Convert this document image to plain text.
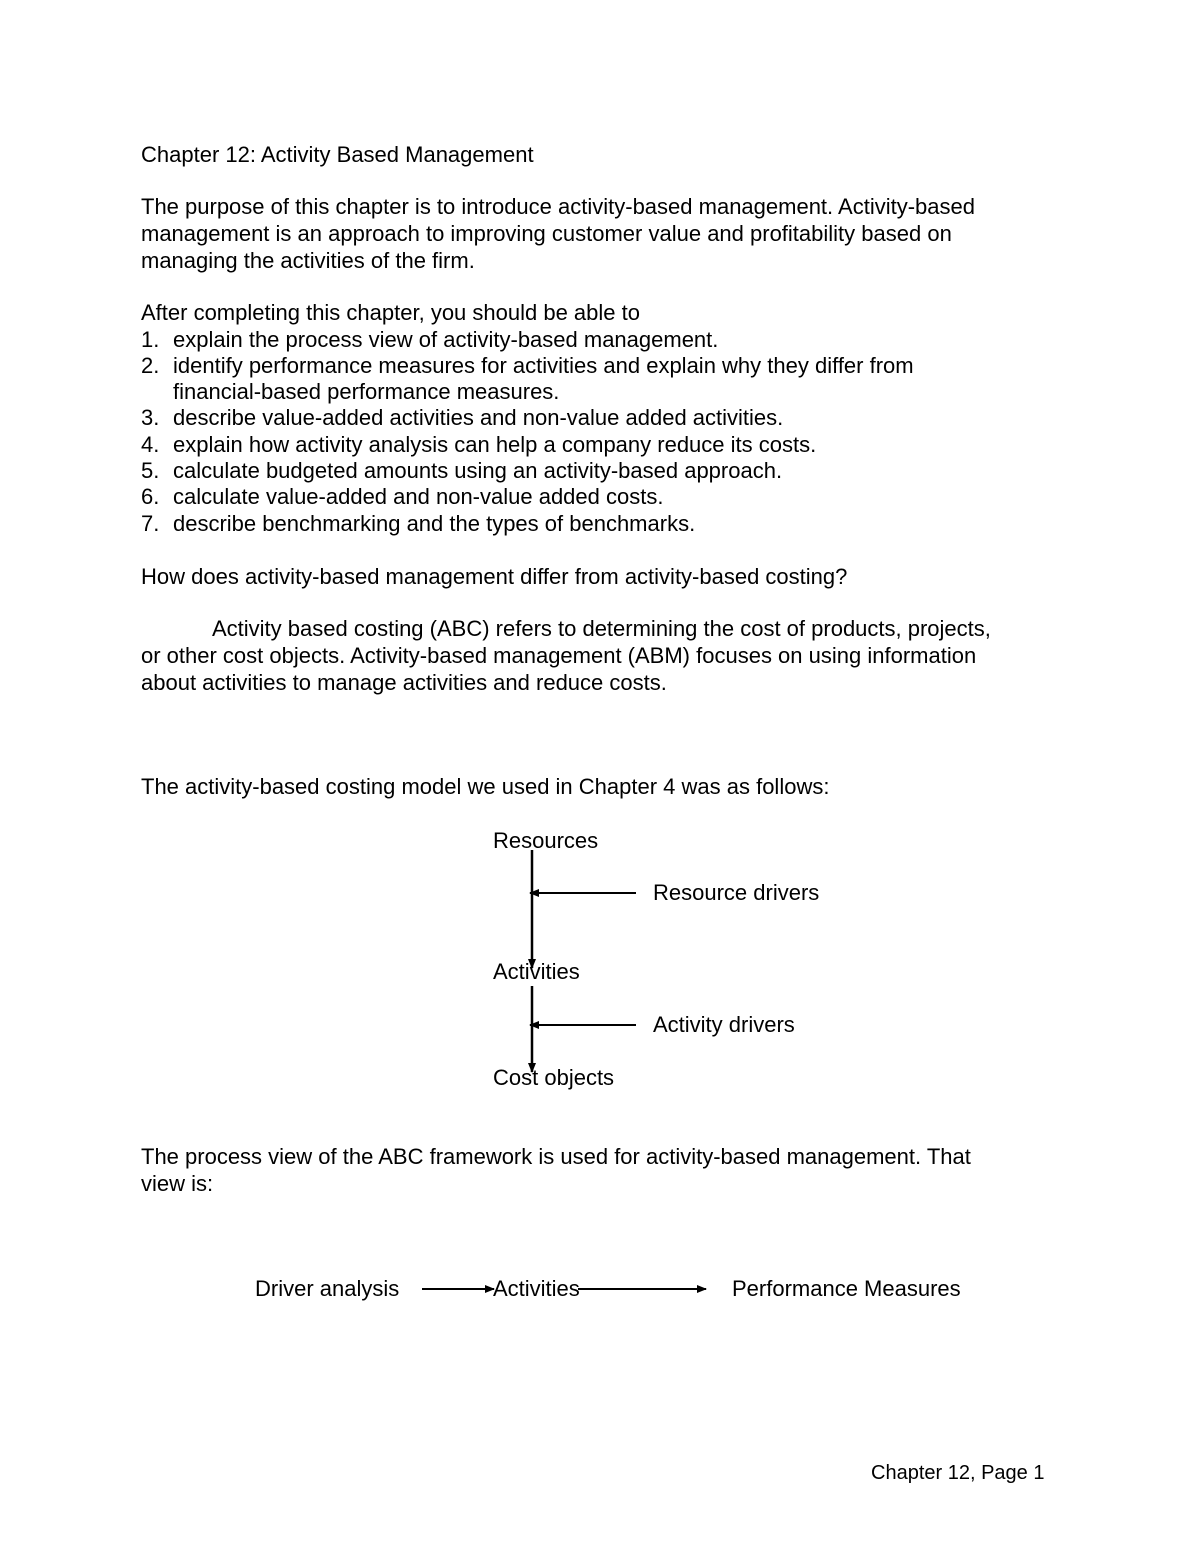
Chapter 12: Activity Based Management
The purpose of this chapter is to introduce activity-based management. Activity-based
management is an approach to improving customer value and profitability based on
managing the activities of the firm.
After completing this chapter, you should be able to
1. explain the process view of activity-based management.
2. identify performance measures for activities and explain why they differ from
financial-based performance measures.
3. describe value-added activities and non-value added activities.
4. explain how activity analysis can help a company reduce its costs.
5. calculate budgeted amounts using an activity-based approach.
6. calculate value-added and non-value added costs.
7. describe benchmarking and the types of benchmarks.
How does activity-based management differ from activity-based costing?
Activity based costing (ABC) refers to determining the cost of products, projects,
or other cost objects. Activity-based management (ABM) focuses on using information
about activities to manage activities and reduce costs.
The activity-based costing model we used in Chapter 4 was as follows:
Resources
Resource drivers
Activities
Activity drivers
Cost objects
The process view of the ABC framework is used for activity-based management. That
view is:
Driver analysis	Activities	Performance Measures
Chapter 12, Page 1
